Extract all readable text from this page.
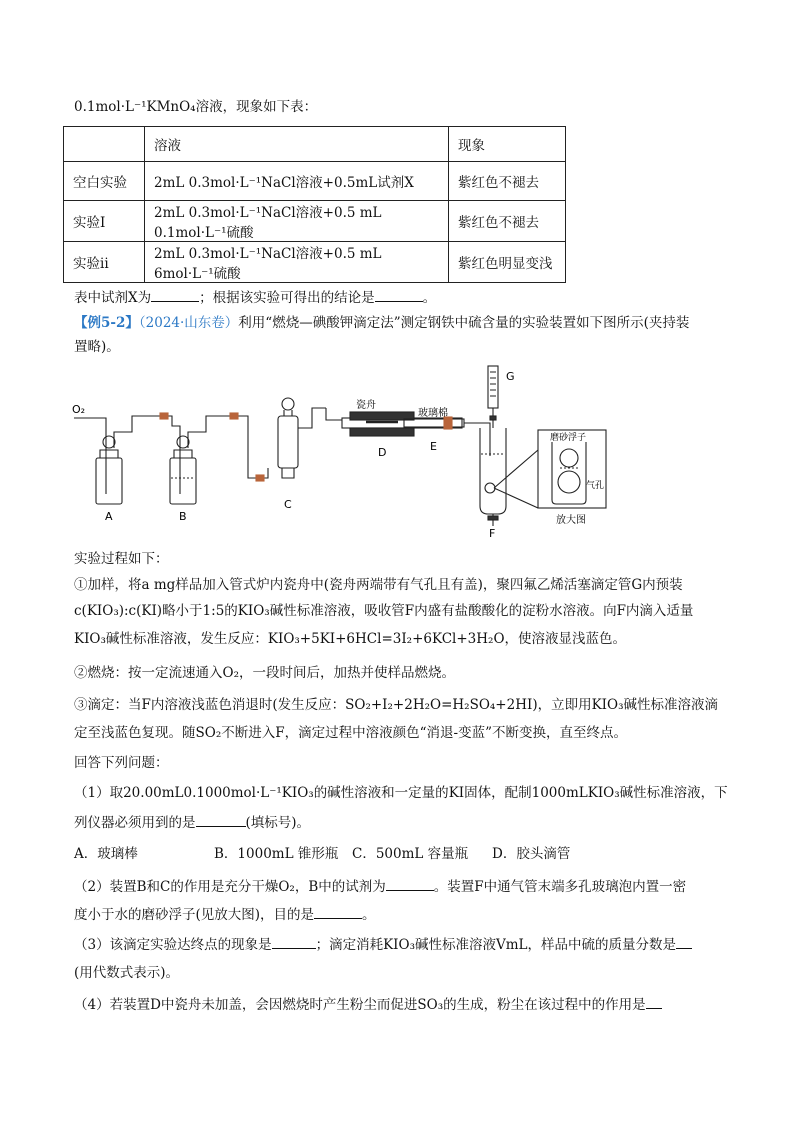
0.1mol·L⁻¹KMnO₄溶液，现象如下表：
	溶液	现象
空白实验	2mL 0.3mol·L⁻¹NaCl溶液+0.5mL试剂X	紫红色不褪去
实验Ⅰ	2mL 0.3mol·L⁻¹NaCl溶液+0.5 mL 0.1mol·L⁻¹硫酸	紫红色不褪去
实验ii	2mL 0.3mol·L⁻¹NaCl溶液+0.5 mL 6mol·L⁻¹硫酸	紫红色明显变浅
表中试剂X为	；根据该实验可得出的结论是	。
【例5-2】（2024·山东卷）利用“燃烧—碘酸钾滴定法”测定钢铁中硫含量的实验装置如下图所示(夹持装
置略)。
O₂
A	B
C
D	E
F
G
瓷舟
玻璃棉
磨砂浮子
气孔
放大图
实验过程如下：
①加样，将a mg样品加入管式炉内瓷舟中(瓷舟两端带有气孔且有盖)，聚四氟乙烯活塞滴定管G内预装
c(KIO₃):c(KI)略小于1:5的KIO₃碱性标准溶液，吸收管F内盛有盐酸酸化的淀粉水溶液。向F内滴入适量
KIO₃碱性标准溶液，发生反应：KIO₃+5KI+6HCl=3I₂+6KCl+3H₂O，使溶液显浅蓝色。
②燃烧：按一定流速通入O₂，一段时间后，加热并使样品燃烧。
③滴定：当F内溶液浅蓝色消退时(发生反应：SO₂+I₂+2H₂O=H₂SO₄+2HI)，立即用KIO₃碱性标准溶液滴
定至浅蓝色复现。随SO₂不断进入F，滴定过程中溶液颜色“消退-变蓝”不断变换，直至终点。
回答下列问题：
（1）取20.00mL0.1000mol·L⁻¹KIO₃的碱性溶液和一定量的KI固体，配制1000mLKIO₃碱性标准溶液，下
列仪器必须用到的是	(填标号)。
A．玻璃棒	B．1000mL 锥形瓶 C．500mL 容量瓶 D．胶头滴管
（2）装置B和C的作用是充分干燥O₂，B中的试剂为	。装置F中通气管末端多孔玻璃泡内置一密
度小于水的磨砂浮子(见放大图)，目的是	。
（3）该滴定实验达终点的现象是	；滴定消耗KIO₃碱性标准溶液VmL，样品中硫的质量分数是
(用代数式表示)。
（4）若装置D中瓷舟未加盖，会因燃烧时产生粉尘而促进SO₃的生成，粉尘在该过程中的作用是
